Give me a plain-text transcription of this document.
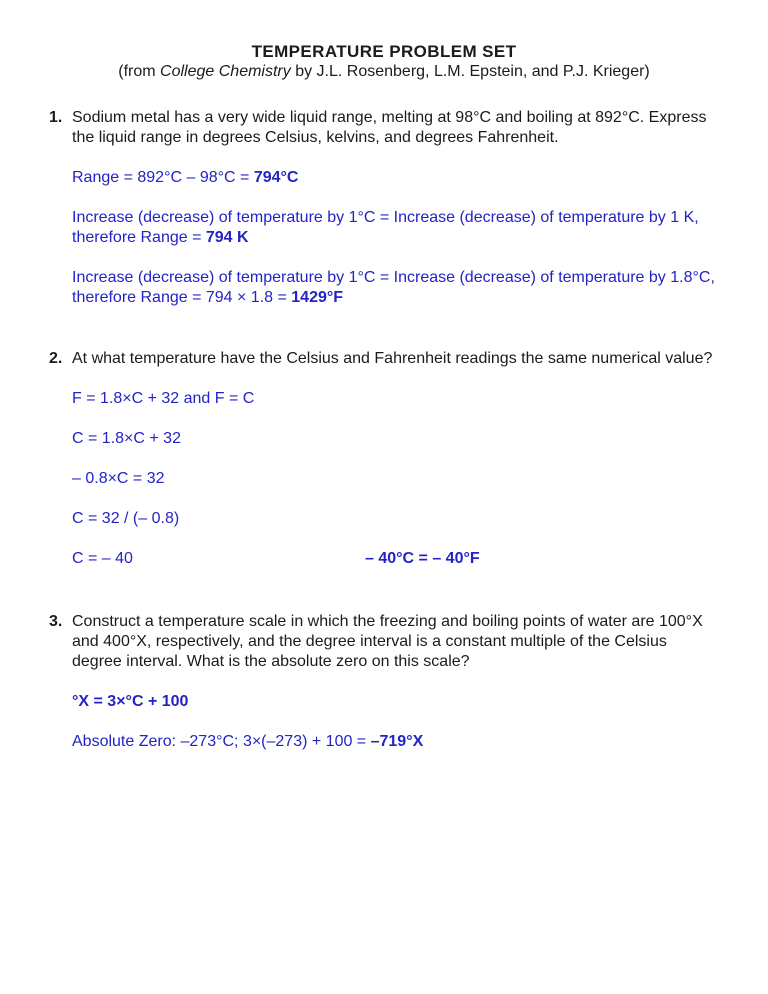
TEMPERATURE PROBLEM SET

(from College Chemistry by J.L. Rosenberg, L.M. Epstein, and P.J. Krieger)

1. Sodium metal has a very wide liquid range, melting at 98°C and boiling at 892°C. Express the liquid range in degrees Celsius, kelvins, and degrees Fahrenheit.

Range = 892°C – 98°C = 794°C

Increase (decrease) of temperature by 1°C = Increase (decrease) of temperature by 1 K, therefore Range = 794 K

Increase (decrease) of temperature by 1°C = Increase (decrease) of temperature by 1.8°C, therefore Range = 794 × 1.8 = 1429°F

2. At what temperature have the Celsius and Fahrenheit readings the same numerical value?

F = 1.8×C + 32 and F = C

C = 1.8×C + 32

– 0.8×C = 32

C = 32 / (– 0.8)

C = – 40	– 40°C = – 40°F

3. Construct a temperature scale in which the freezing and boiling points of water are 100°X and 400°X, respectively, and the degree interval is a constant multiple of the Celsius degree interval. What is the absolute zero on this scale?

°X = 3×°C + 100

Absolute Zero: –273°C; 3×(–273) + 100 = –719°X
